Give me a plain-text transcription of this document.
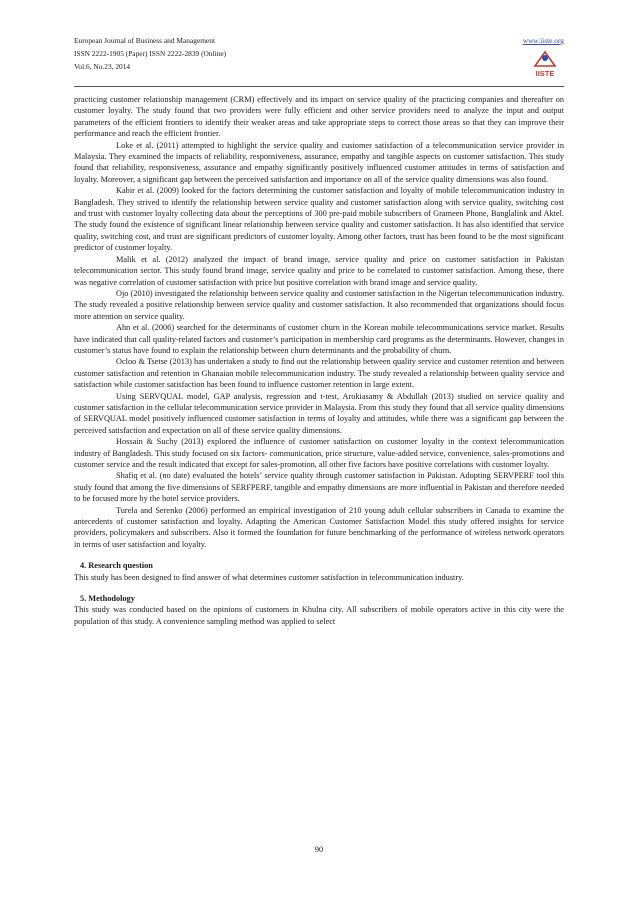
European Journal of Business and Management
ISSN 2222-1905 (Paper) ISSN 2222-2839 (Online)
Vol.6, No.23, 2014
www.iiste.org
IISTE

practicing customer relationship management (CRM) effectively and its impact on service quality of the practicing companies and thereafter on customer loyalty. The study found that two providers were fully efficient and other service providers need to analyze the input and output parameters of the efficient frontiers to identify their weaker areas and take appropriate steps to correct those areas so that they can improve their performance and reach the efficient frontier.

Loke et al. (2011) attempted to highlight the service quality and customer satisfaction of a telecommunication service provider in Malaysia. They examined the impacts of reliability, responsiveness, assurance, empathy and tangible aspects on customer satisfaction. This study found that reliability, responsiveness, assurance and empathy significantly positively influenced customer attitudes in terms of satisfaction and loyalty. Moreover, a significant gap between the perceived satisfaction and importance on all of the service quality dimensions was also found.

Kabir et al. (2009) looked for the factors determining the customer satisfaction and loyalty of mobile telecommunication industry in Bangladesh. They strived to identify the relationship between service quality and customer satisfaction along with service quality, switching cost and trust with customer loyalty collecting data about the perceptions of 300 pre-paid mobile subscribers of Grameen Phone, Banglalink and Aktel. The study found the existence of significant linear relationship between service quality and customer satisfaction. It has also identified that service quality, switching cost, and trust are significant predictors of customer loyalty. Among other factors, trust has been found to be the most significant predictor of customer loyalty.

Malik et al. (2012) analyzed the impact of brand image, service quality and price on customer satisfaction in Pakistan telecommunication sector. This study found brand image, service quality and price to be correlated to customer satisfaction. Among these, there was negative correlation of customer satisfaction with price but positive correlation with brand image and service quality.

Ojo (2010) investigated the relationship between service quality and customer satisfaction in the Nigerian telecommunication industry. The study revealed a positive relationship between service quality and customer satisfaction. It also recommended that organizations should focus more attention on service quality.

Ahn et al. (2006) searched for the determinants of customer churn in the Korean mobile telecommunications service market. Results have indicated that call quality-related factors and customer’s participation in membership card programs as the determinants. However, changes in customer’s status have found to explain the relationship between churn determinants and the probability of churn.

Ocloo & Tsetse (2013) has undertaken a study to find out the relationship between quality service and customer retention and between customer satisfaction and retention in Ghanaian mobile telecommunication industry. The study revealed a relationship between quality service and satisfaction while customer satisfaction has been found to influence customer retention in large extent.

Using SERVQUAL model, GAP analysis, regression and t-test, Arokiasamy & Abdullah (2013) studied on service quality and customer satisfaction in the cellular telecommunication service provider in Malaysia. From this study they found that all service quality dimensions of SERVQUAL model positively influenced customer satisfaction in terms of loyalty and attitudes, while there was a significant gap between the perceived satisfaction and expectation on all of these service quality dimensions.

Hossain & Suchy (2013) explored the influence of customer satisfaction on customer loyalty in the context telecommunication industry of Bangladesh. This study focused on six factors- communication, price structure, value-added service, convenience, sales-promotions and customer service and the result indicated that except for sales-promotion, all other five factors have positive correlations with customer loyalty.

Shafiq et al. (no date) evaluated the hotels’ service quality through customer satisfaction in Pakistan. Adopting SERVPERF tool this study found that among the five dimensions of SERFPERF, tangible and empathy dimensions are more influential in Pakistan and therefore needed to be focused more by the hotel service providers.

Turela and Serenko (2006) performed an empirical investigation of 210 young adult cellular subscribers in Canada to examine the antecedents of customer satisfaction and loyalty. Adapting the American Customer Satisfaction Model this study offered insights for service providers, policymakers and subscribers. Also it formed the foundation for future benchmarking of the performance of wireless network operators in terms of user satisfaction and loyalty.

4. Research question

This study has been designed to find answer of what determines customer satisfaction in telecommunication industry.

5. Methodology

This study was conducted based on the opinions of customers in Khulna city. All subscribers of mobile operators active in this city were the population of this study. A convenience sampling method was applied to select

90
